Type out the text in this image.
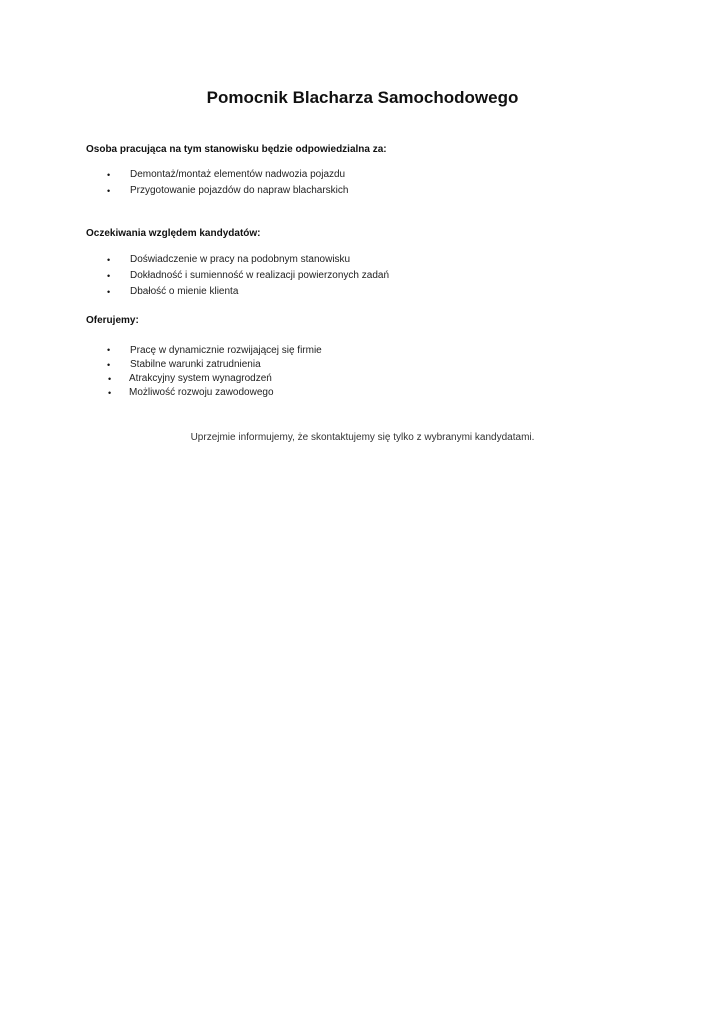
Pomocnik Blacharza Samochodowego

Osoba pracująca na tym stanowisku będzie odpowiedzialna za:

• Demontaż/montaż elementów nadwozia pojazdu
• Przygotowanie pojazdów do napraw blacharskich

Oczekiwania względem kandydatów:

• Doświadczenie w pracy na podobnym stanowisku
• Dokładność i sumienność w realizacji powierzonych zadań
• Dbałość o mienie klienta

Oferujemy:

• Pracę w dynamicznie rozwijającej się firmie
• Stabilne warunki zatrudnienia
• Atrakcyjny system wynagrodzeń
• Możliwość rozwoju zawodowego

Uprzejmie informujemy, że skontaktujemy się tylko z wybranymi kandydatami.
